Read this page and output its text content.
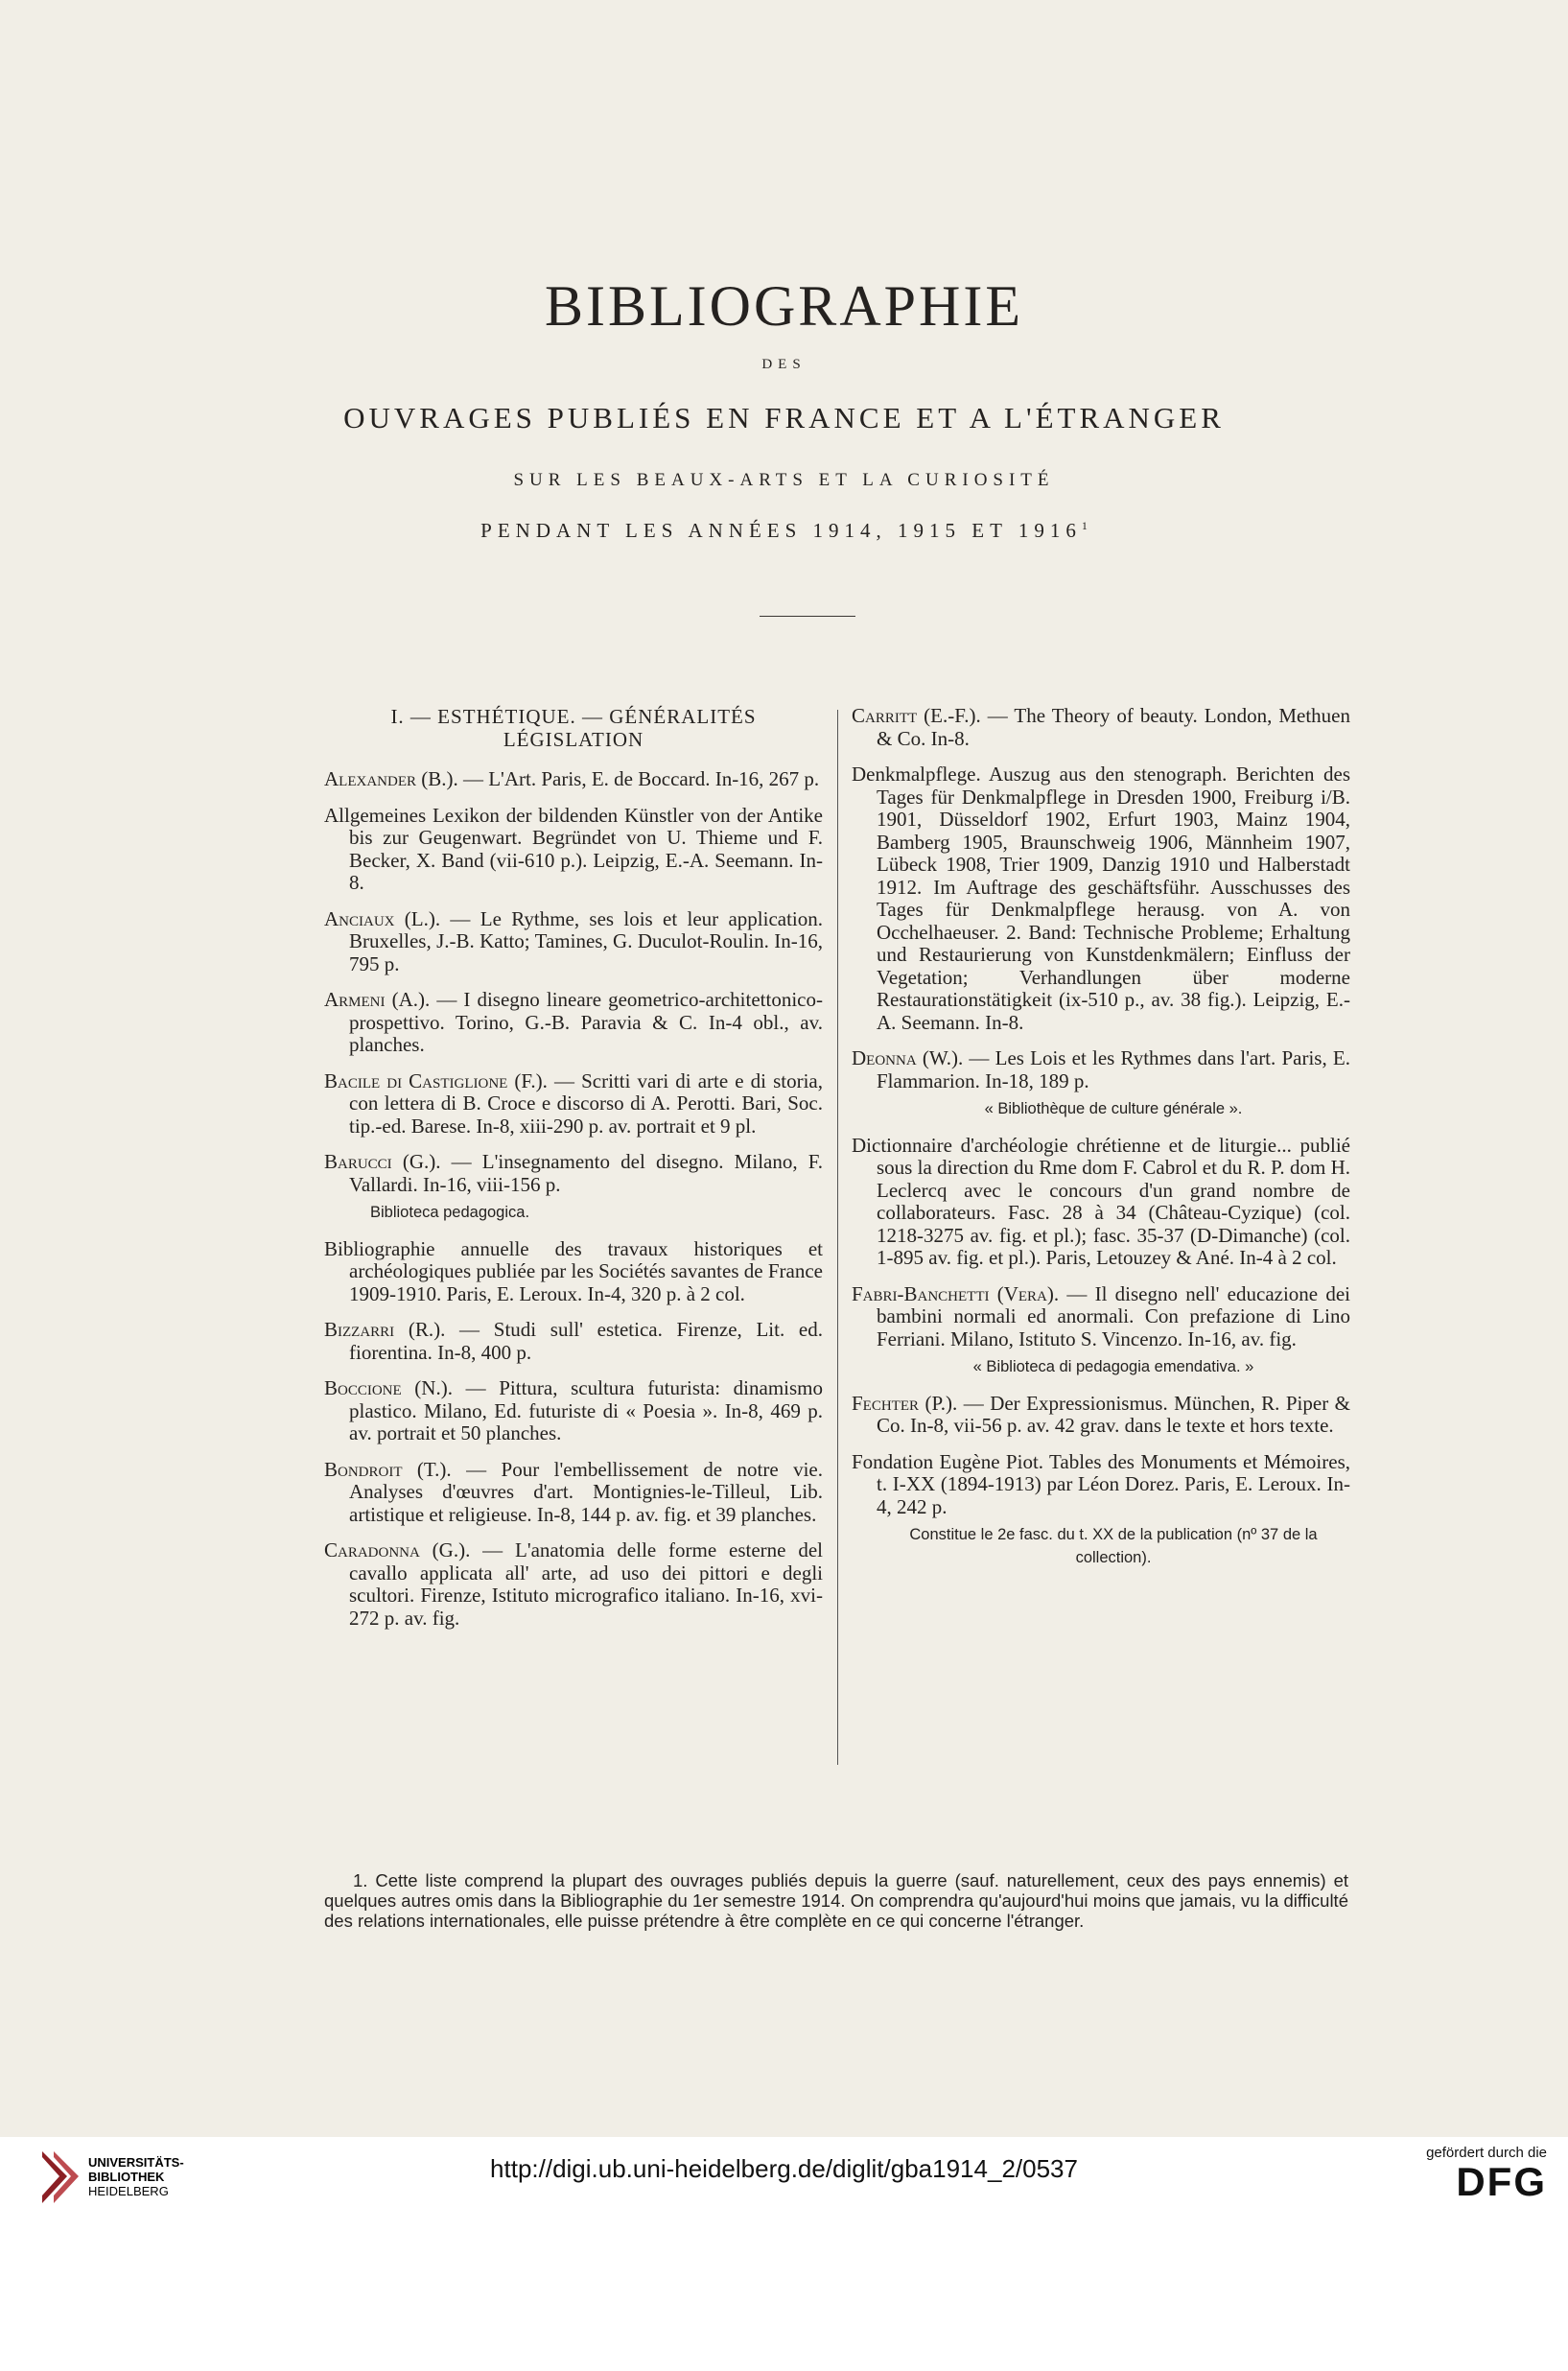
BIBLIOGRAPHIE
DES
OUVRAGES PUBLIÉS EN FRANCE ET A L'ÉTRANGER
SUR LES BEAUX-ARTS ET LA CURIOSITÉ
PENDANT LES ANNÉES 1914, 1915 ET 1916$^1$
I. — ESTHÉTIQUE. — GÉNÉRALITÉS
LÉGISLATION
Alexander (B.). — L'Art. Paris, E. de Boccard. In-16, 267 p.
Allgemeines Lexikon der bildenden Künstler von der Antike bis zur Geugenwart. Begründet von U. Thieme und F. Becker, X. Band (vii-610 p.). Leipzig, E.-A. Seemann. In-8.
Anciaux (L.). — Le Rythme, ses lois et leur application. Bruxelles, J.-B. Katto; Tamines, G. Duculot-Roulin. In-16, 795 p.
Armeni (A.). — I disegno lineare geometrico-architettonico-prospettivo. Torino, G.-B. Paravia & C. In-4 obl., av. planches.
Bacile di Castiglione (F.). — Scritti vari di arte e di storia, con lettera di B. Croce e discorso di A. Perotti. Bari, Soc. tip.-ed. Barese. In-8, xiii-290 p. av. portrait et 9 pl.
Barucci (G.). — L'insegnamento del disegno. Milano, F. Vallardi. In-16, viii-156 p.
Biblioteca pedagogica.
Bibliographie annuelle des travaux historiques et archéologiques publiée par les Sociétés savantes de France 1909-1910. Paris, E. Leroux. In-4, 320 p. à 2 col.
Bizzarri (R.). — Studi sull' estetica. Firenze, Lit. ed. fiorentina. In-8, 400 p.
Boccione (N.). — Pittura, scultura futurista: dinamismo plastico. Milano, Ed. futuriste di « Poesia ». In-8, 469 p. av. portrait et 50 planches.
Bondroit (T.). — Pour l'embellissement de notre vie. Analyses d'œuvres d'art. Montignies-le-Tilleul, Lib. artistique et religieuse. In-8, 144 p. av. fig. et 39 planches.
Caradonna (G.). — L'anatomia delle forme esterne del cavallo applicata all' arte, ad uso dei pittori e degli scultori. Firenze, Istituto micrografico italiano. In-16, xvi-272 p. av. fig.
Carritt (E.-F.). — The Theory of beauty. London, Methuen & Co. In-8.
Denkmalpflege. Auszug aus den stenograph. Berichten des Tages für Denkmalpflege in Dresden 1900, Freiburg i/B. 1901, Düsseldorf 1902, Erfurt 1903, Mainz 1904, Bamberg 1905, Braunschweig 1906, Männheim 1907, Lübeck 1908, Trier 1909, Danzig 1910 und Halberstadt 1912. Im Auftrage des geschäftsführ. Ausschusses des Tages für Denkmalpflege herausg. von A. von Occhelhaeuser. 2. Band: Technische Probleme; Erhaltung und Restaurierung von Kunstdenkmälern; Einfluss der Vegetation; Verhandlungen über moderne Restaurationstätigkeit (ix-510 p., av. 38 fig.). Leipzig, E.-A. Seemann. In-8.
Deonna (W.). — Les Lois et les Rythmes dans l'art. Paris, E. Flammarion. In-18, 189 p.
« Bibliothèque de culture générale ».
Dictionnaire d'archéologie chrétienne et de liturgie... publié sous la direction du Rme dom F. Cabrol et du R. P. dom H. Leclercq avec le concours d'un grand nombre de collaborateurs. Fasc. 28 à 34 (Château-Cyzique) (col. 1218-3275 av. fig. et pl.); fasc. 35-37 (D-Dimanche) (col. 1-895 av. fig. et pl.). Paris, Letouzey & Ané. In-4 à 2 col.
Fabri-Banchetti (Vera). — Il disegno nell' educazione dei bambini normali ed anormali. Con prefazione di Lino Ferriani. Milano, Istituto S. Vincenzo. In-16, av. fig.
« Biblioteca di pedagogia emendativa. »
Fechter (P.). — Der Expressionismus. München, R. Piper & Co. In-8, vii-56 p. av. 42 grav. dans le texte et hors texte.
Fondation Eugène Piot. Tables des Monuments et Mémoires, t. I-XX (1894-1913) par Léon Dorez. Paris, E. Leroux. In-4, 242 p.
Constitue le 2e fasc. du t. XX de la publication (nº 37 de la collection).
1. Cette liste comprend la plupart des ouvrages publiés depuis la guerre (sauf. naturellement, ceux des pays ennemis) et quelques autres omis dans la Bibliographie du 1er semestre 1914. On comprendra qu'aujourd'hui moins que jamais, vu la difficulté des relations internationales, elle puisse prétendre à être complète en ce qui concerne l'étranger.
UNIVERSITÄTS-
BIBLIOTHEK
HEIDELBERG
http://digi.ub.uni-heidelberg.de/diglit/gba1914_2/0537
gefördert durch die
DFG
